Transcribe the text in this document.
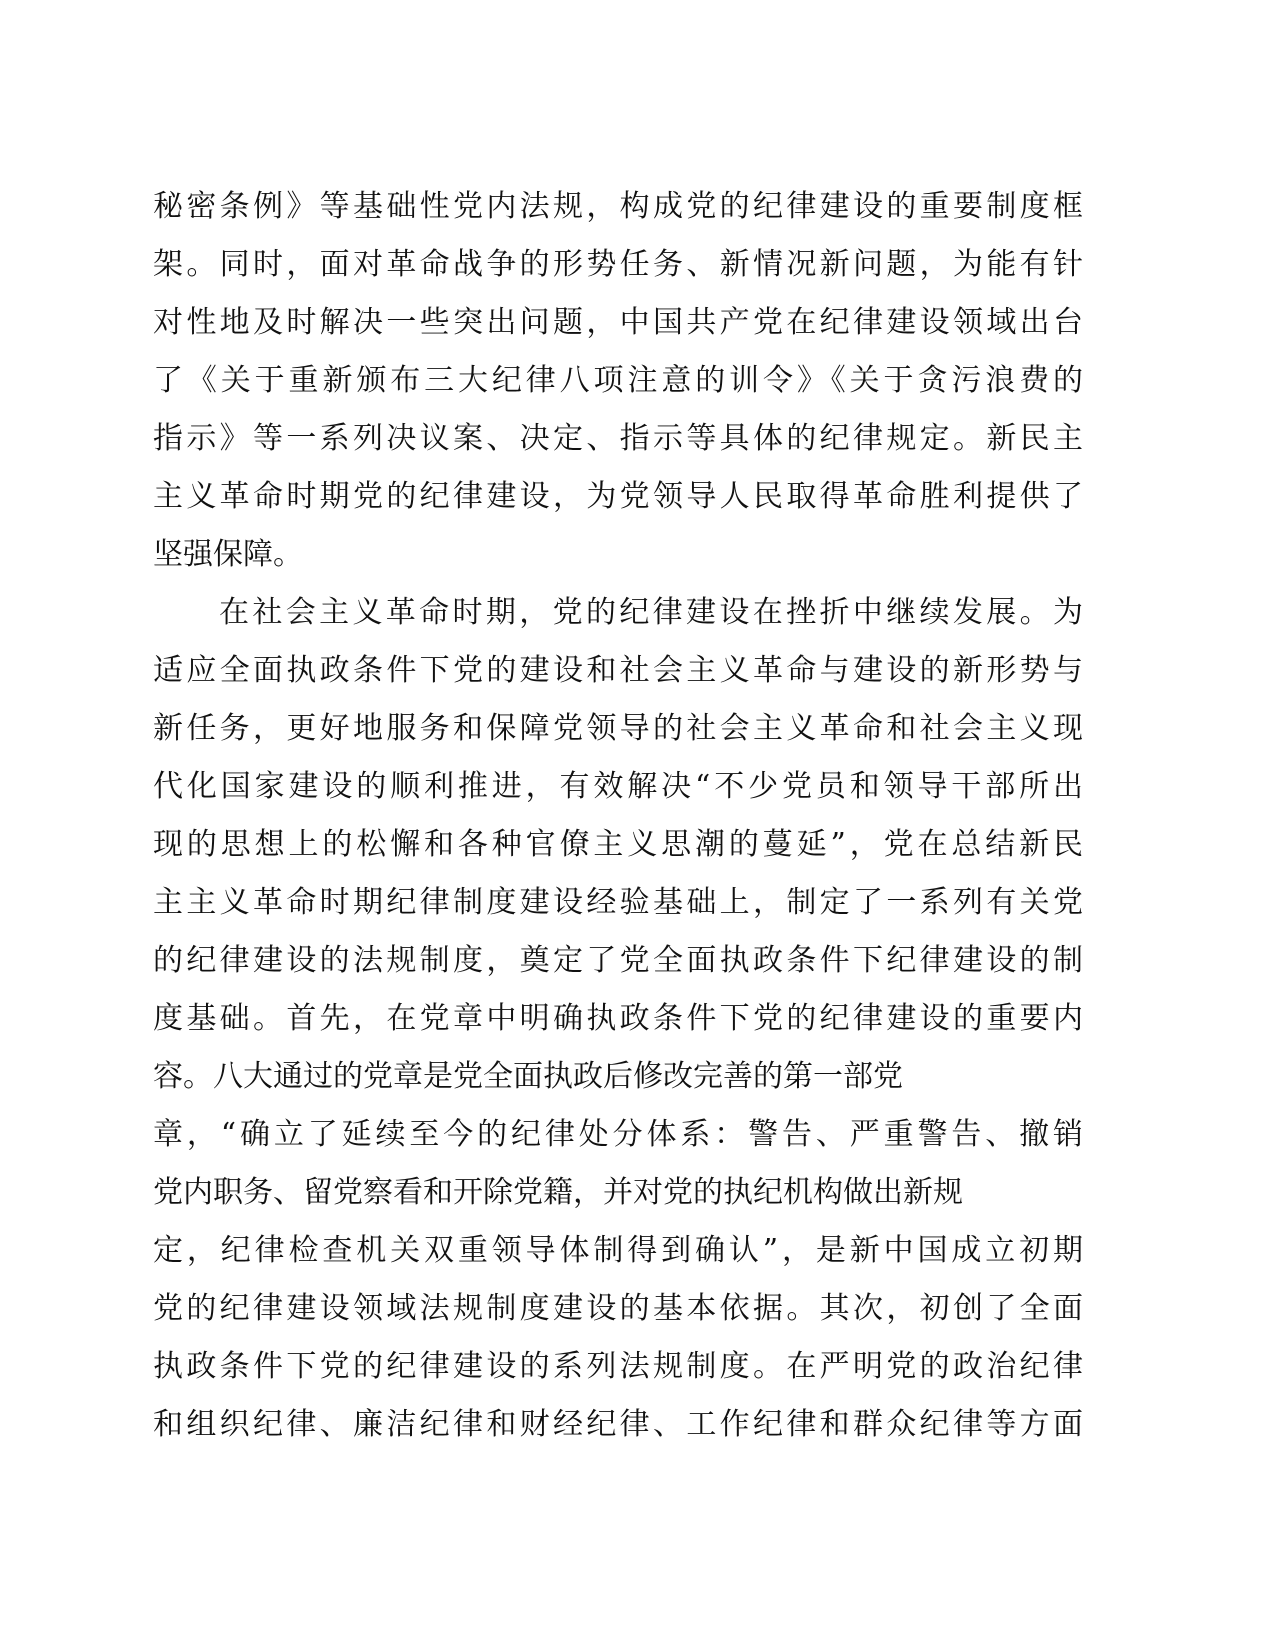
秘密条例》等基础性党内法规，构成党的纪律建设的重要制度框
架。同时，面对革命战争的形势任务、新情况新问题，为能有针
对性地及时解决一些突出问题，中国共产党在纪律建设领域出台
了《关于重新颁布三大纪律八项注意的训令》《关于贪污浪费的
指示》等一系列决议案、决定、指示等具体的纪律规定。新民主
主义革命时期党的纪律建设，为党领导人民取得革命胜利提供了
坚强保障。
在社会主义革命时期，党的纪律建设在挫折中继续发展。为
适应全面执政条件下党的建设和社会主义革命与建设的新形势与
新任务，更好地服务和保障党领导的社会主义革命和社会主义现
代化国家建设的顺利推进，有效解决“不少党员和领导干部所出
现的思想上的松懈和各种官僚主义思潮的蔓延”，党在总结新民
主主义革命时期纪律制度建设经验基础上，制定了一系列有关党
的纪律建设的法规制度，奠定了党全面执政条件下纪律建设的制
度基础。首先，在党章中明确执政条件下党的纪律建设的重要内
容。八大通过的党章是党全面执政后修改完善的第一部党
章，“确立了延续至今的纪律处分体系：警告、严重警告、撤销
党内职务、留党察看和开除党籍，并对党的执纪机构做出新规
定，纪律检查机关双重领导体制得到确认”，是新中国成立初期
党的纪律建设领域法规制度建设的基本依据。其次，初创了全面
执政条件下党的纪律建设的系列法规制度。在严明党的政治纪律
和组织纪律、廉洁纪律和财经纪律、工作纪律和群众纪律等方面
